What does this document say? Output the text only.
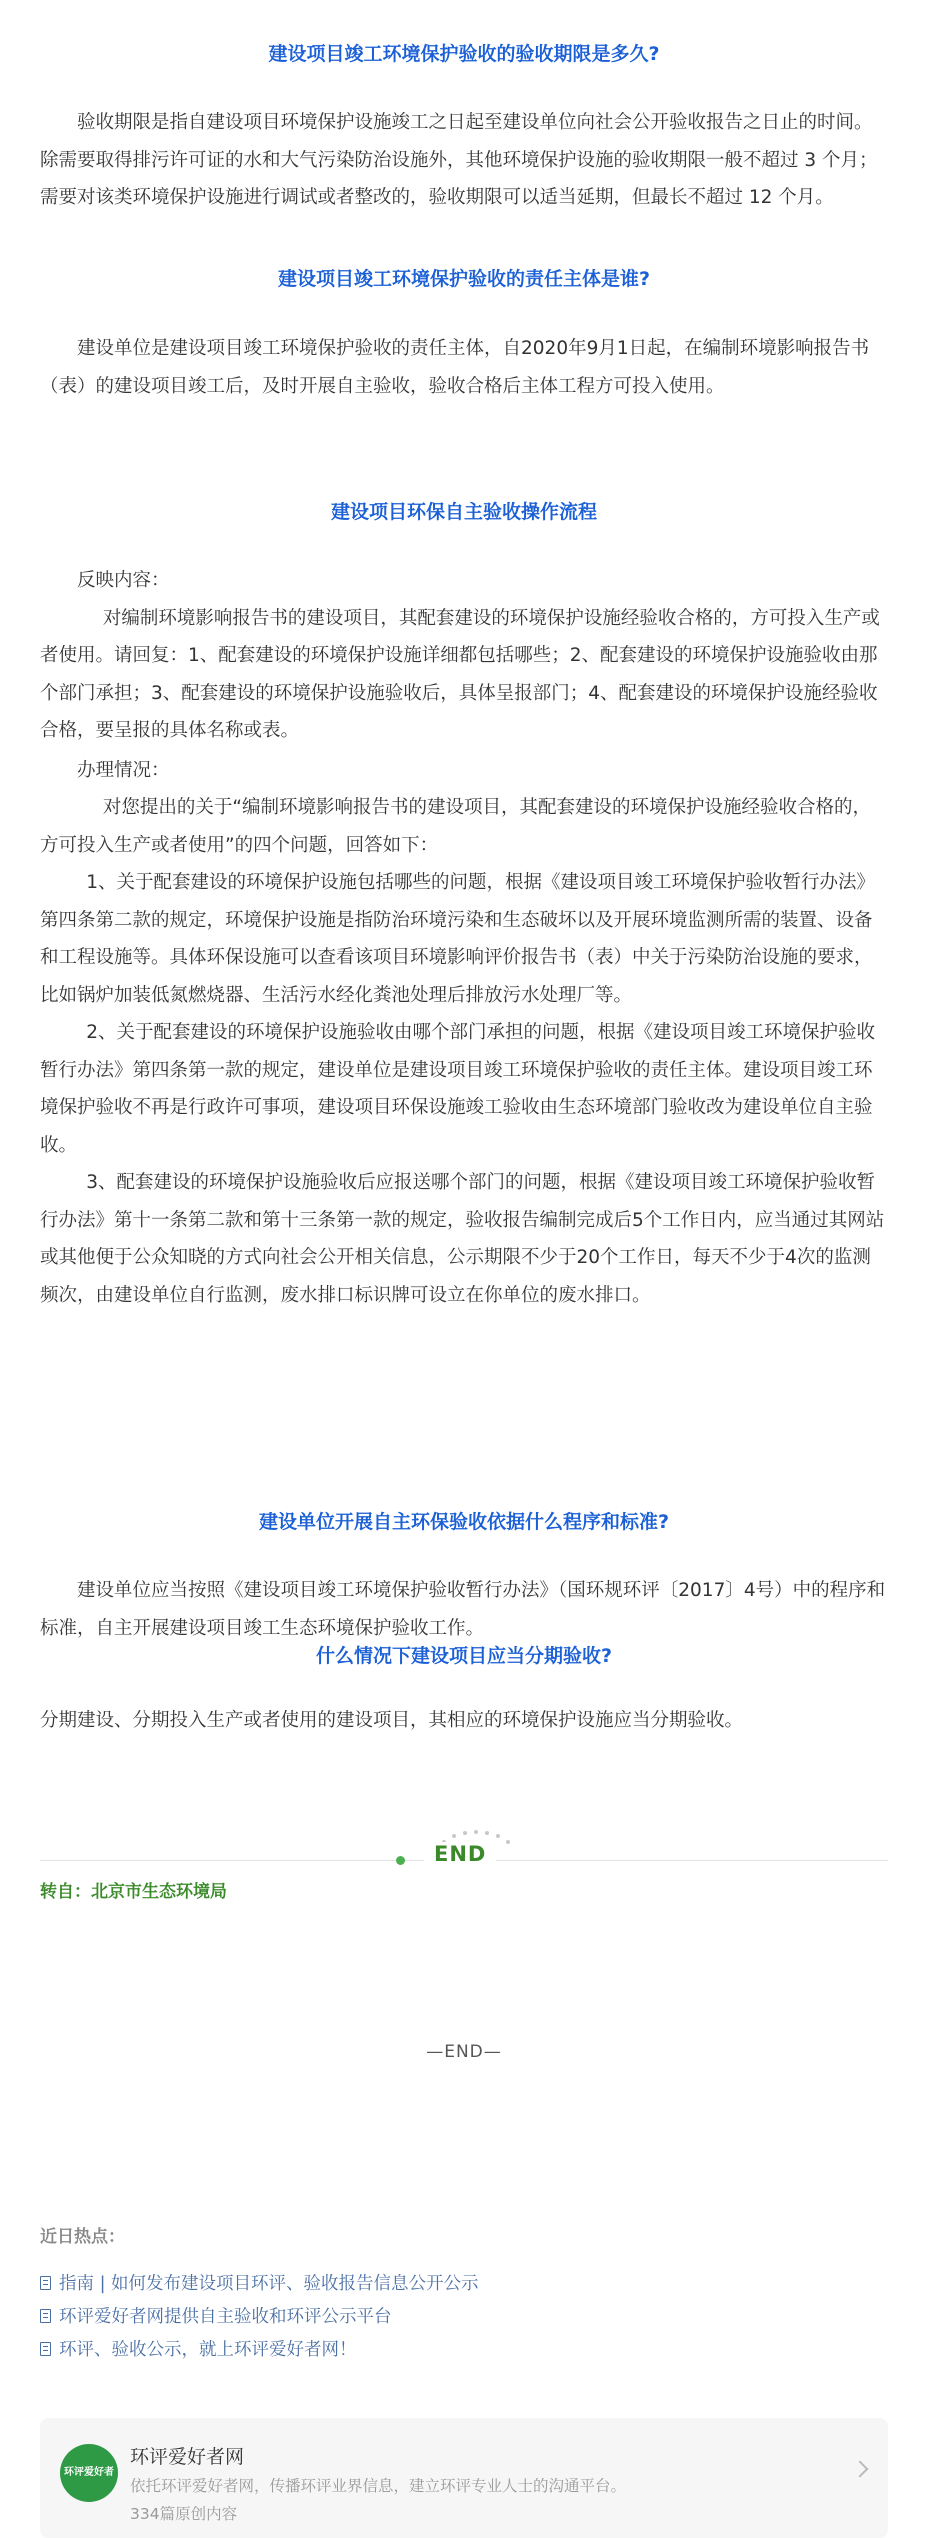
建设项目竣工环境保护验收的验收期限是多久?

验收期限是指自建设项目环境保护设施竣工之日起至建设单位向社会公开验收报告之日止的时间。除需要取得排污许可证的水和大气污染防治设施外，其他环境保护设施的验收期限一般不超过 3 个月；需要对该类环境保护设施进行调试或者整改的，验收期限可以适当延期，但最长不超过 12 个月。

建设项目竣工环境保护验收的责任主体是谁?

建设单位是建设项目竣工环境保护验收的责任主体，自2020年9月1日起，在编制环境影响报告书（表）的建设项目竣工后，及时开展自主验收，验收合格后主体工程方可投入使用。

建设项目环保自主验收操作流程

反映内容：

对编制环境影响报告书的建设项目，其配套建设的环境保护设施经验收合格的，方可投入生产或者使用。请回复：1、配套建设的环境保护设施详细都包括哪些；2、配套建设的环境保护设施验收由那个部门承担；3、配套建设的环境保护设施验收后，具体呈报部门；4、配套建设的环境保护设施经验收合格，要呈报的具体名称或表。

办理情况：

对您提出的关于“编制环境影响报告书的建设项目，其配套建设的环境保护设施经验收合格的，方可投入生产或者使用”的四个问题，回答如下：

1、关于配套建设的环境保护设施包括哪些的问题，根据《建设项目竣工环境保护验收暂行办法》第四条第二款的规定，环境保护设施是指防治环境污染和生态破坏以及开展环境监测所需的装置、设备和工程设施等。具体环保设施可以查看该项目环境影响评价报告书（表）中关于污染防治设施的要求，比如锅炉加装低氮燃烧器、生活污水经化粪池处理后排放污水处理厂等。

2、关于配套建设的环境保护设施验收由哪个部门承担的问题，根据《建设项目竣工环境保护验收暂行办法》第四条第一款的规定，建设单位是建设项目竣工环境保护验收的责任主体。建设项目竣工环境保护验收不再是行政许可事项，建设项目环保设施竣工验收由生态环境部门验收改为建设单位自主验收。

3、配套建设的环境保护设施验收后应报送哪个部门的问题，根据《建设项目竣工环境保护验收暂行办法》第十一条第二款和第十三条第一款的规定，验收报告编制完成后5个工作日内，应当通过其网站或其他便于公众知晓的方式向社会公开相关信息，公示期限不少于20个工作日，每天不少于4次的监测频次，由建设单位自行监测，废水排口标识牌可设立在你单位的废水排口。

建设单位开展自主环保验收依据什么程序和标准?

建设单位应当按照《建设项目竣工环境保护验收暂行办法》（国环规环评〔2017〕4号）中的程序和标准，自主开展建设项目竣工生态环境保护验收工作。

什么情况下建设项目应当分期验收?

分期建设、分期投入生产或者使用的建设项目，其相应的环境保护设施应当分期验收。

END
转自：北京市生态环境局
—END—
近日热点：
指南 | 如何发布建设项目环评、验收报告信息公开公示
环评爱好者网提供自主验收和环评公示平台
环评、验收公示，就上环评爱好者网！
环评爱好者
环评爱好者网
依托环评爱好者网，传播环评业界信息，建立环评专业人士的沟通平台。
334篇原创内容
